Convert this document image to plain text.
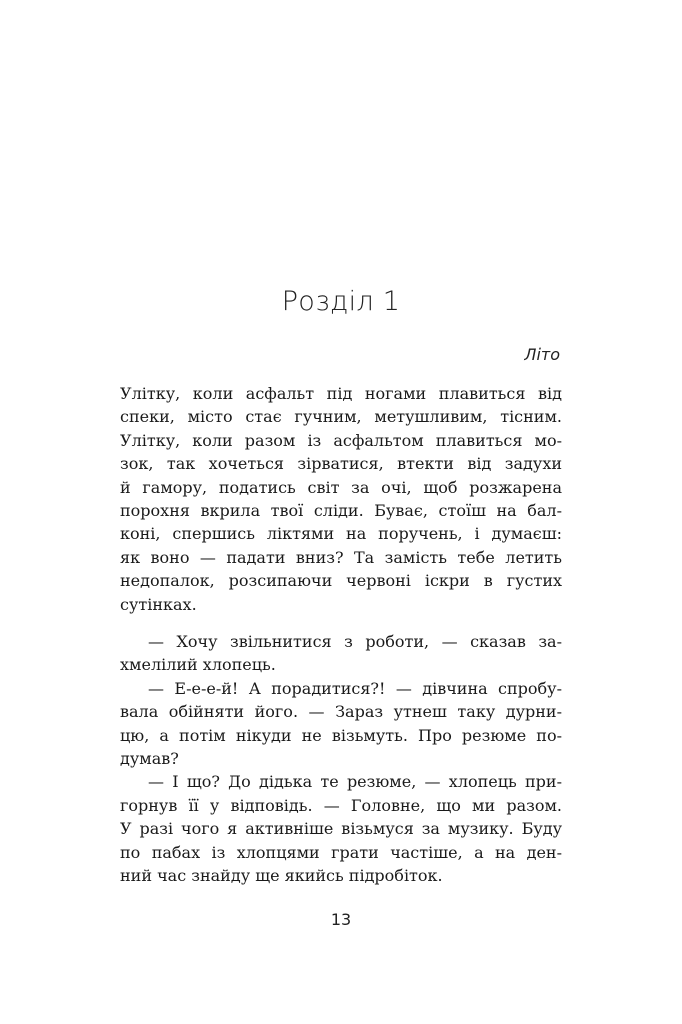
Розділ 1
Літо
Улітку, коли асфальт під ногами плавиться від
спеки, місто стає гучним, метушливим, тісним.
Улітку, коли разом із асфальтом плавиться мо-
зок, так хочеться зірватися, втекти від задухи
й гамору, податись світ за очі, щоб розжарена
порохня вкрила твої сліди. Буває, стоїш на бал-
коні, спершись ліктями на поручень, і думаєш:
як воно — падати вниз? Та замість тебе летить
недопалок, розсипаючи червоні іскри в густих
сутінках.
— Хочу звільнитися з роботи, — сказав за-
хмелілий хлопець.
— Е-е-е-й! А порадитися?! — дівчина спробу-
вала обійняти його. — Зараз утнеш таку дурни-
цю, а потім нікуди не візьмуть. Про резюме по-
думав?
— І що? До дідька те резюме, — хлопець при-
горнув її у відповідь. — Головне, що ми разом.
У разі чого я активніше візьмуся за музику. Буду
по пабах із хлопцями грати частіше, а на ден-
ний час знайду ще якийсь підробіток.
13
